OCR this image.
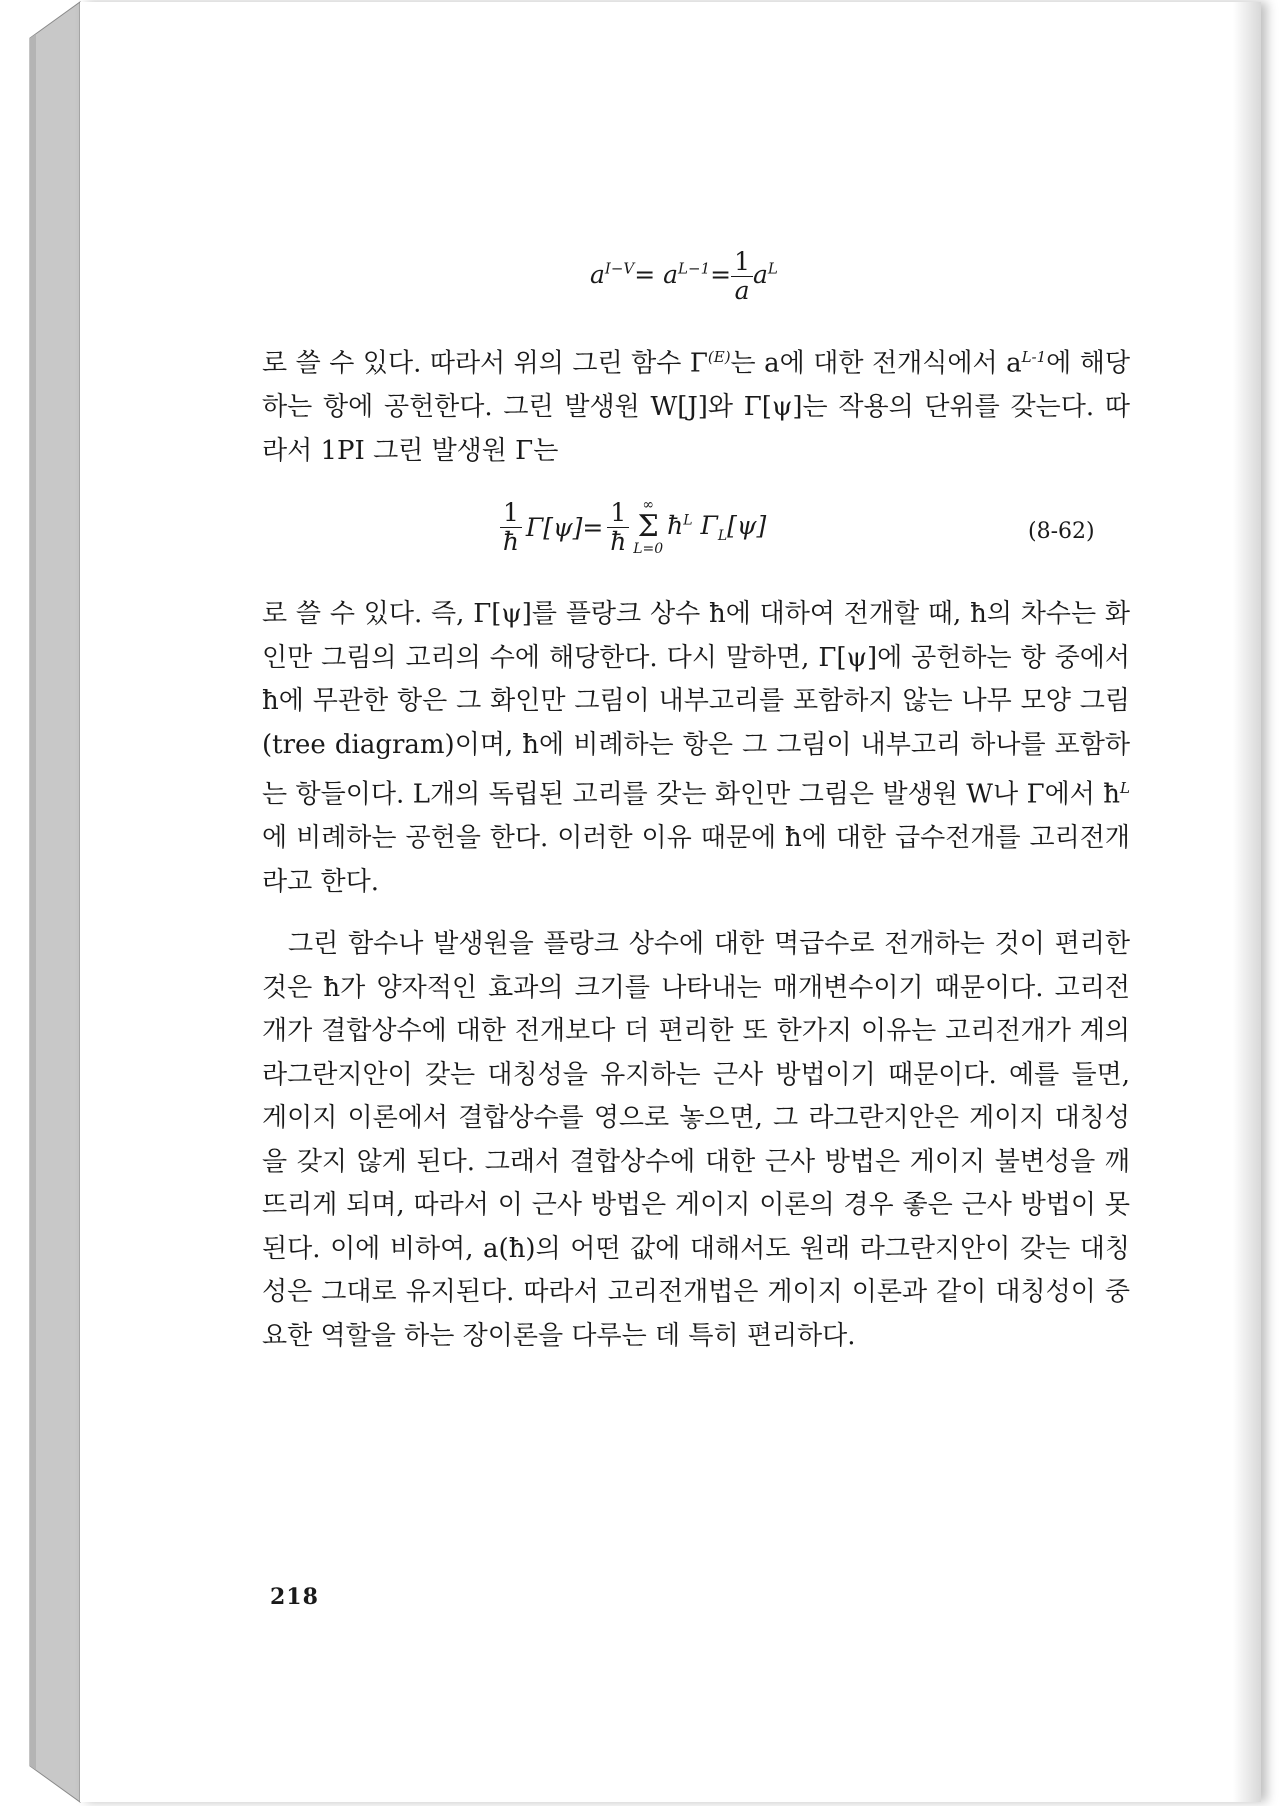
$a^{I-V}= a^{L-1}= \frac{1}{a} a^L$

로 쓸 수 있다. 따라서 위의 그린 함수 $\Gamma^{(E)}$는 a에 대한 전개식에서 $a^{L-1}$에 해당하는 항에 공헌한다. 그린 발생원 W[J]와 Γ[ψ]는 작용의 단위를 갖는다. 따라서 1PI 그린 발생원 Γ는

$\frac{1}{ħ} \Gamma[\psi]= \frac{1}{ħ}$ ∞
Σ
L=0
$ħ^L$ $\Gamma_L[\psi]$	(8-62)

로 쓸 수 있다. 즉, Γ[ψ]를 플랑크 상수 ħ에 대하여 전개할 때, ħ의 차수는 화인만 그림의 고리의 수에 해당한다. 다시 말하면, Γ[ψ]에 공헌하는 항 중에서 ħ에 무관한 항은 그 화인만 그림이 내부고리를 포함하지 않는 나무 모양 그림 (tree diagram)이며, ħ에 비례하는 항은 그 그림이 내부고리 하나를 포함하는 항들이다. L개의 독립된 고리를 갖는 화인만 그림은 발생원 W나 Γ에서 $ħ^L$에 비례하는 공헌을 한다. 이러한 이유 때문에 ħ에 대한 급수전개를 고리전개라고 한다.

그린 함수나 발생원을 플랑크 상수에 대한 멱급수로 전개하는 것이 편리한 것은 ħ가 양자적인 효과의 크기를 나타내는 매개변수이기 때문이다. 고리전개가 결합상수에 대한 전개보다 더 편리한 또 한가지 이유는 고리전개가 계의 라그란지안이 갖는 대칭성을 유지하는 근사 방법이기 때문이다. 예를 들면, 게이지 이론에서 결합상수를 영으로 놓으면, 그 라그란지안은 게이지 대칭성을 갖지 않게 된다. 그래서 결합상수에 대한 근사 방법은 게이지 불변성을 깨뜨리게 되며, 따라서 이 근사 방법은 게이지 이론의 경우 좋은 근사 방법이 못 된다. 이에 비하여, a(ħ)의 어떤 값에 대해서도 원래 라그란지안이 갖는 대칭성은 그대로 유지된다. 따라서 고리전개법은 게이지 이론과 같이 대칭성이 중요한 역할을 하는 장이론을 다루는 데 특히 편리하다.

218
